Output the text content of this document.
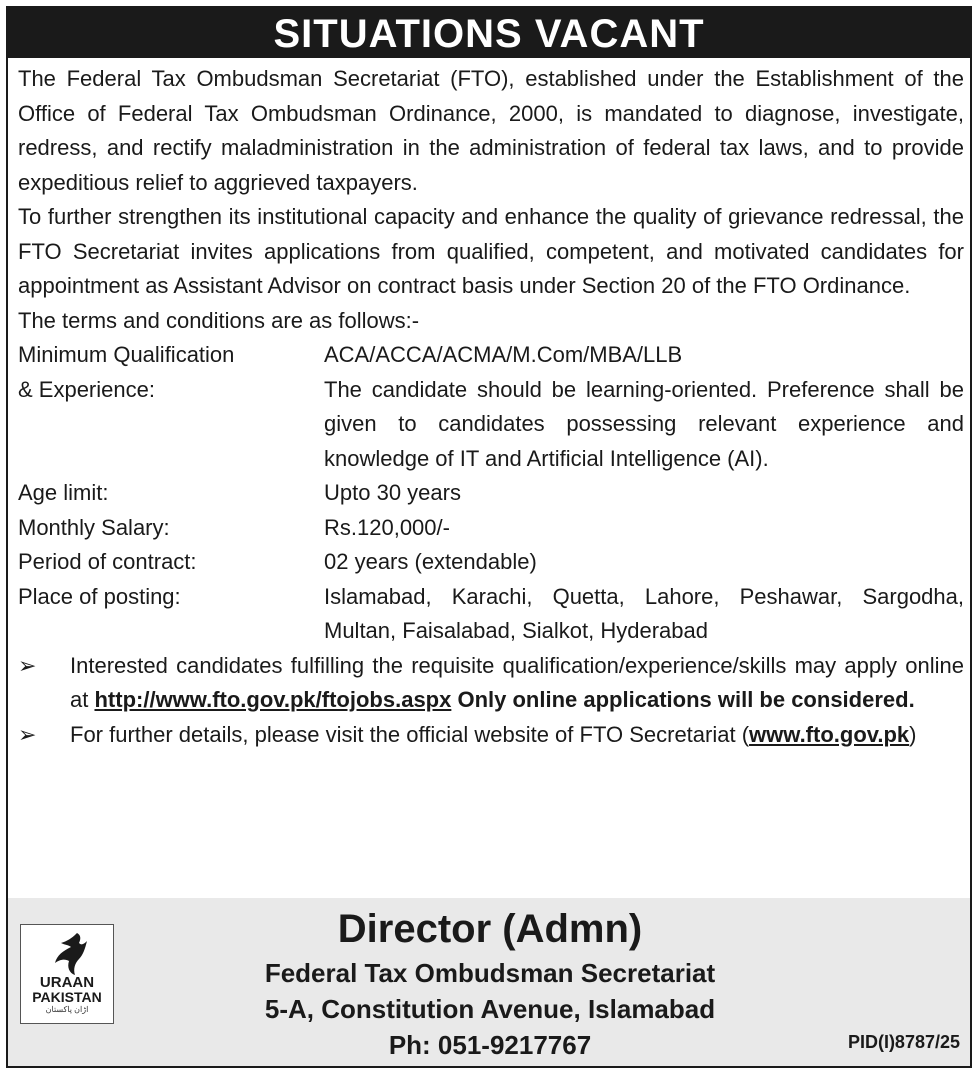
SITUATIONS VACANT

The Federal Tax Ombudsman Secretariat (FTO), established under the Establishment of the Office of Federal Tax Ombudsman Ordinance, 2000, is mandated to diagnose, investigate, redress, and rectify maladministration in the administration of federal tax laws, and to provide expeditious relief to aggrieved taxpayers.

To further strengthen its institutional capacity and enhance the quality of grievance redressal, the FTO Secretariat invites applications from qualified, competent, and motivated candidates for appointment as Assistant Advisor on contract basis under Section 20 of the FTO Ordinance.

The terms and conditions are as follows:-

Minimum Qualification	ACA/ACCA/ACMA/M.Com/MBA/LLB
& Experience:	The candidate should be learning-oriented. Preference shall be given to candidates possessing relevant experience and knowledge of IT and Artificial Intelligence (AI).
Age limit:	Upto 30 years
Monthly Salary:	Rs.120,000/-
Period of contract:	02 years (extendable)
Place of posting:	Islamabad, Karachi, Quetta, Lahore, Peshawar, Sargodha, Multan, Faisalabad, Sialkot, Hyderabad
➢	Interested candidates fulfilling the requisite qualification/experience/skills may apply online at http://www.fto.gov.pk/ftojobs.aspx Only online applications will be considered.
➢	For further details, please visit the official website of FTO Secretariat (www.fto.gov.pk)
URAAN
PAKISTAN
اڑان پاکستان
Director (Admn)
Federal Tax Ombudsman Secretariat
5-A, Constitution Avenue, Islamabad
Ph: 051-9217767	PID(I)8787/25
